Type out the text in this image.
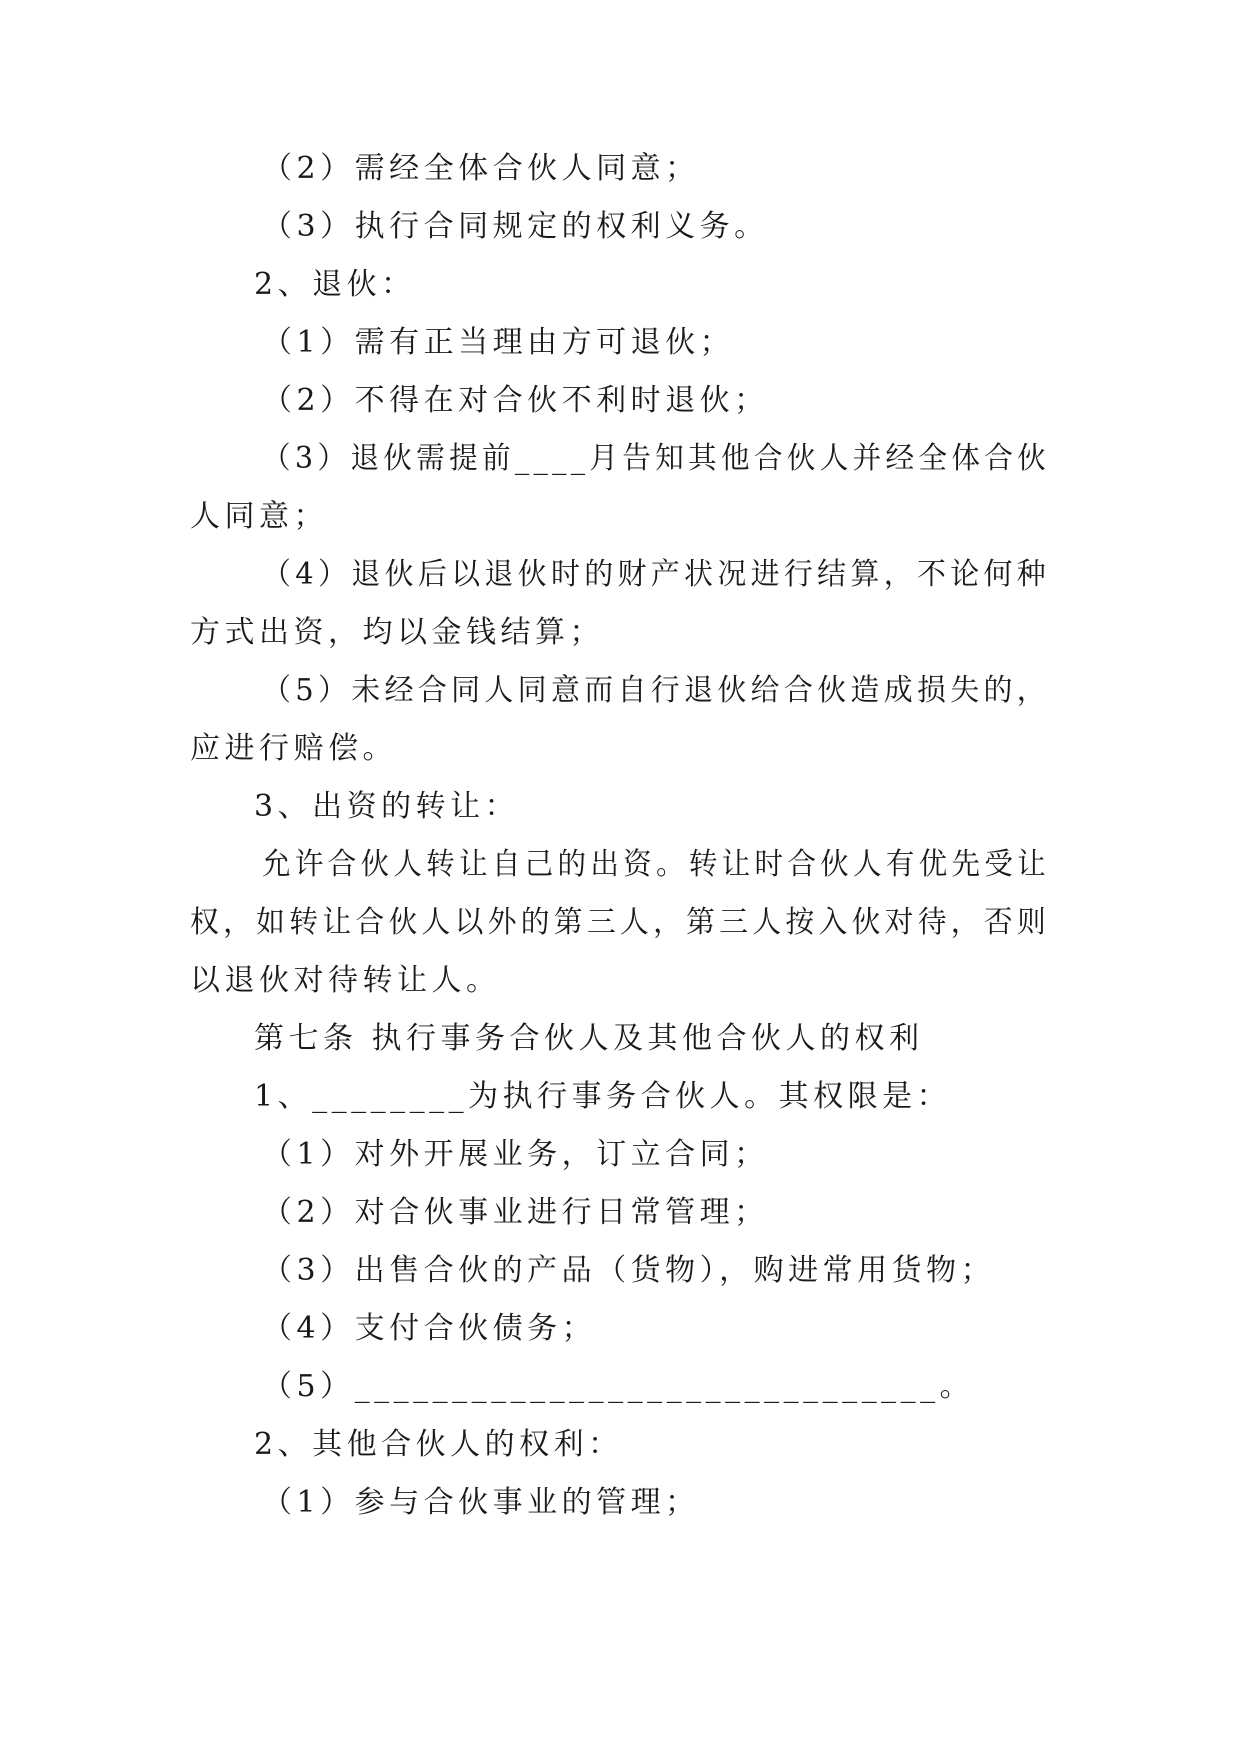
（2）需经全体合伙人同意；
（3）执行合同规定的权利义务。
2、退伙：
（1）需有正当理由方可退伙；
（2）不得在对合伙不利时退伙；
（3）退伙需提前____月告知其他合伙人并经全体合伙
人同意；
（4）退伙后以退伙时的财产状况进行结算，不论何种
方式出资，均以金钱结算；
（5）未经合同人同意而自行退伙给合伙造成损失的，
应进行赔偿。
3、出资的转让：
允许合伙人转让自己的出资。转让时合伙人有优先受让
权，如转让合伙人以外的第三人，第三人按入伙对待，否则
以退伙对待转让人。
第七条 执行事务合伙人及其他合伙人的权利
1、________为执行事务合伙人。其权限是：
（1）对外开展业务，订立合同；
（2）对合伙事业进行日常管理；
（3）出售合伙的产品（货物），购进常用货物；
（4）支付合伙债务；
（5）______________________________。
2、其他合伙人的权利：
（1）参与合伙事业的管理；
